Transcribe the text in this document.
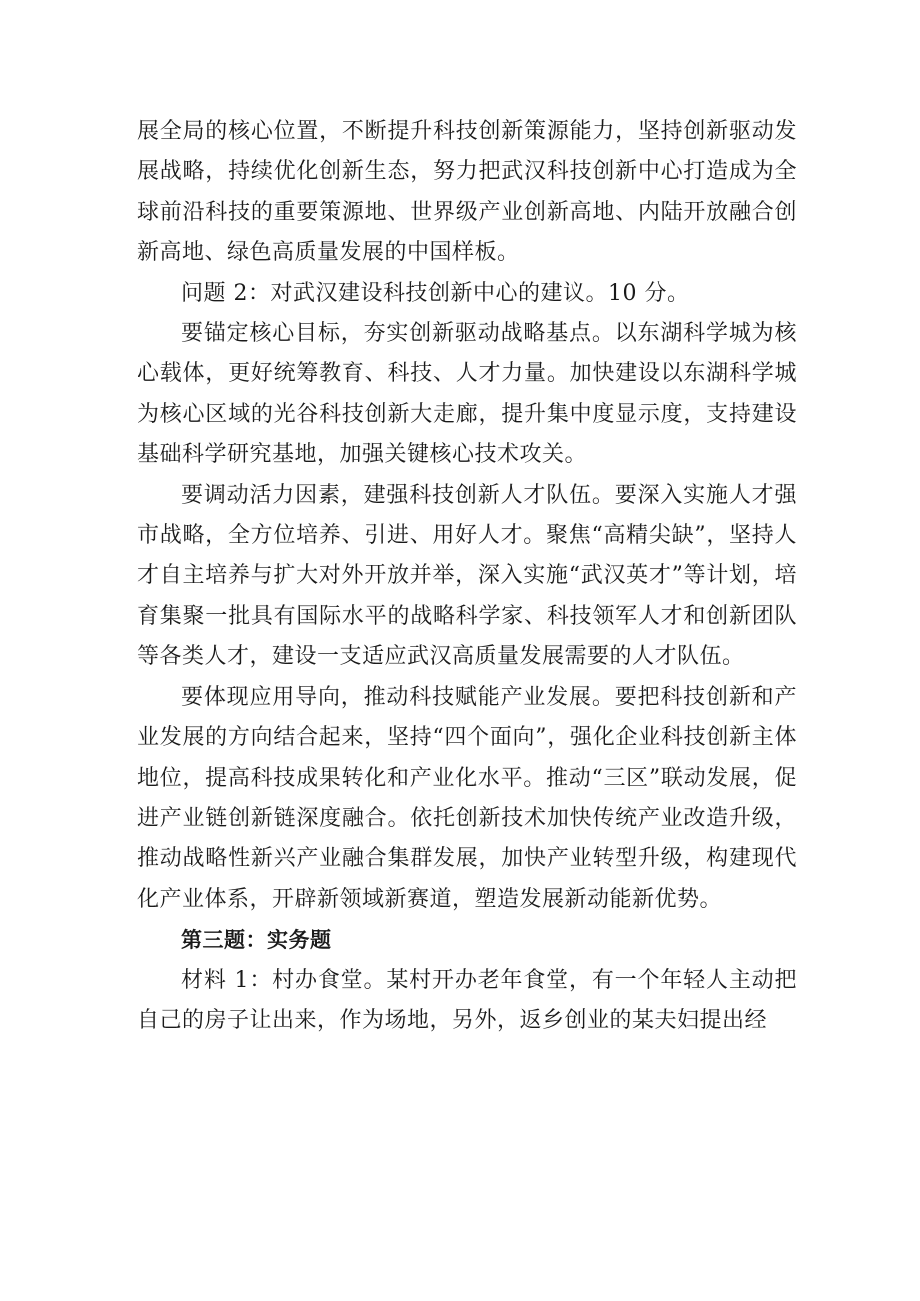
展全局的核心位置，不断提升科技创新策源能力，坚持创新驱动发展战略，持续优化创新生态，努力把武汉科技创新中心打造成为全球前沿科技的重要策源地、世界级产业创新高地、内陆开放融合创新高地、绿色高质量发展的中国样板。

问题 2：对武汉建设科技创新中心的建议。10 分。

要锚定核心目标，夯实创新驱动战略基点。以东湖科学城为核心载体，更好统筹教育、科技、人才力量。加快建设以东湖科学城为核心区域的光谷科技创新大走廊，提升集中度显示度，支持建设基础科学研究基地，加强关键核心技术攻关。

要调动活力因素，建强科技创新人才队伍。要深入实施人才强市战略，全方位培养、引进、用好人才。聚焦“高精尖缺”，坚持人才自主培养与扩大对外开放并举，深入实施“武汉英才”等计划，培育集聚一批具有国际水平的战略科学家、科技领军人才和创新团队等各类人才，建设一支适应武汉高质量发展需要的人才队伍。

要体现应用导向，推动科技赋能产业发展。要把科技创新和产业发展的方向结合起来，坚持“四个面向”，强化企业科技创新主体地位，提高科技成果转化和产业化水平。推动“三区”联动发展，促进产业链创新链深度融合。依托创新技术加快传统产业改造升级，推动战略性新兴产业融合集群发展，加快产业转型升级，构建现代化产业体系，开辟新领域新赛道，塑造发展新动能新优势。

第三题：实务题

材料 1：村办食堂。某村开办老年食堂，有一个年轻人主动把自己的房子让出来，作为场地，另外，返乡创业的某夫妇提出经
